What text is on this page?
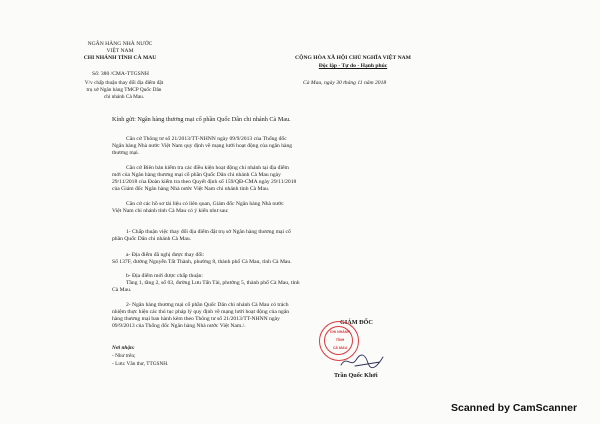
NGÂN HÀNG NHÀ NƯỚC
VIỆT NAM
CHI NHÁNH TỈNH CÀ MAU
Số: 380 /CMA-TTGSNH
V/v chấp thuận thay đổi địa điểm đặt
trụ sở Ngân hàng TMCP Quốc Dân
chi nhánh Cà Mau.
CỘNG HÒA XÃ HỘI CHỦ NGHĨA VIỆT NAM
Độc lập - Tự do - Hạnh phúc
Cà Mau, ngày 30 tháng 11 năm 2018
Kính gửi: Ngân hàng thương mại cổ phần Quốc Dân chi nhánh Cà Mau.
Căn cứ Thông tư số 21/2013/TT-NHNN ngày 09/9/2013 của Thống đốc
Ngân hàng Nhà nước Việt Nam quy định về mạng lưới hoạt động của ngân hàng
thương mại.
Căn cứ Biên bản kiểm tra các điều kiện hoạt động chi nhánh tại địa điểm
mới của Ngân hàng thương mại cổ phần Quốc Dân chi nhánh Cà Mau ngày
29/11/2018 của Đoàn kiểm tra theo Quyết định số 159/QĐ-CMA ngày 29/11/2018
của Giám đốc Ngân hàng Nhà nước Việt Nam chi nhánh tỉnh Cà Mau.
Căn cứ các hồ sơ tài liệu có liên quan, Giám đốc Ngân hàng Nhà nước
Việt Nam chi nhánh tỉnh Cà Mau có ý kiến như sau:
1- Chấp thuận việc thay đổi địa điểm đặt trụ sở Ngân hàng thương mại cổ
phần Quốc Dân chi nhánh Cà Mau.
a- Địa điểm đã nghị được thay đổi:
Số 137F, đường Nguyễn Tất Thành, phường 8, thành phố Cà Mau, tỉnh Cà Mau.
b- Địa điểm mới được chấp thuận:
Tầng 1, tầng 2, số 03, đường Lưu Tấn Tài, phường 5, thành phố Cà Mau, tỉnh
Cà Mau.
2- Ngân hàng thương mại cổ phần Quốc Dân chi nhánh Cà Mau có trách
nhiệm thực hiện các thủ tục pháp lý quy định về mạng lưới hoạt động của ngân
hàng thương mại ban hành kèm theo Thông tư số 21/2013/TT-NHNN ngày
09/9/2013 của Thống đốc Ngân hàng Nhà nước Việt Nam./.
Nơi nhận:
- Như trên;
- Lưu: Văn thư, TTGSNH.
GIÁM ĐỐC
CHI NHÁNH
TỈNH
CÀ MAU
Trần Quốc Khởi
Scanned by CamScanner
